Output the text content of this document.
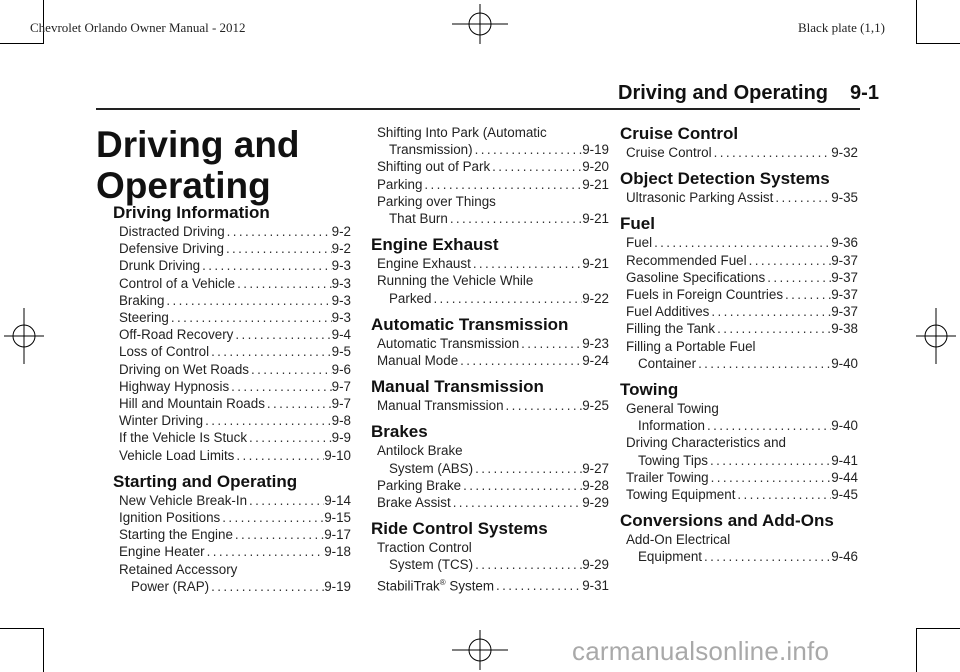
Chevrolet Orlando Owner Manual - 2012	Black plate (1,1)
Driving and Operating 9-1
Driving and
Operating
Driving Information
Distracted Driving .....	9-2
Defensive Driving .....	9-2
Drunk Driving .....	9-3
Control of a Vehicle .....	9-3
Braking .....	9-3
Steering .....	9-3
Off-Road Recovery .....	9-4
Loss of Control .....	9-5
Driving on Wet Roads .....	9-6
Highway Hypnosis .....	9-7
Hill and Mountain Roads .....	9-7
Winter Driving .....	9-8
If the Vehicle Is Stuck .....	9-9
Vehicle Load Limits .....	9-10
Starting and Operating
New Vehicle Break-In .....	9-14
Ignition Positions .....	9-15
Starting the Engine .....	9-17
Engine Heater .....	9-18
Retained Accessory
Power (RAP) .....	9-19
Shifting Into Park (Automatic
Transmission) .....	9-19
Shifting out of Park .....	9-20
Parking .....	9-21
Parking over Things
That Burn .....	9-21
Engine Exhaust
Engine Exhaust .....	9-21
Running the Vehicle While
Parked .....	9-22
Automatic Transmission
Automatic Transmission .....	9-23
Manual Mode .....	9-24
Manual Transmission
Manual Transmission .....	9-25
Brakes
Antilock Brake
System (ABS) .....	9-27
Parking Brake .....	9-28
Brake Assist .....	9-29
Ride Control Systems
Traction Control
System (TCS) .....	9-29
StabiliTrak® System .....	9-31
Cruise Control
Cruise Control .....	9-32
Object Detection Systems
Ultrasonic Parking Assist .....	9-35
Fuel
Fuel .....	9-36
Recommended Fuel .....	9-37
Gasoline Specifications .....	9-37
Fuels in Foreign Countries .....	9-37
Fuel Additives .....	9-37
Filling the Tank .....	9-38
Filling a Portable Fuel
Container .....	9-40
Towing
General Towing
Information .....	9-40
Driving Characteristics and
Towing Tips .....	9-41
Trailer Towing .....	9-44
Towing Equipment .....	9-45
Conversions and Add-Ons
Add-On Electrical
Equipment .....	9-46
carmanualsonline.info
